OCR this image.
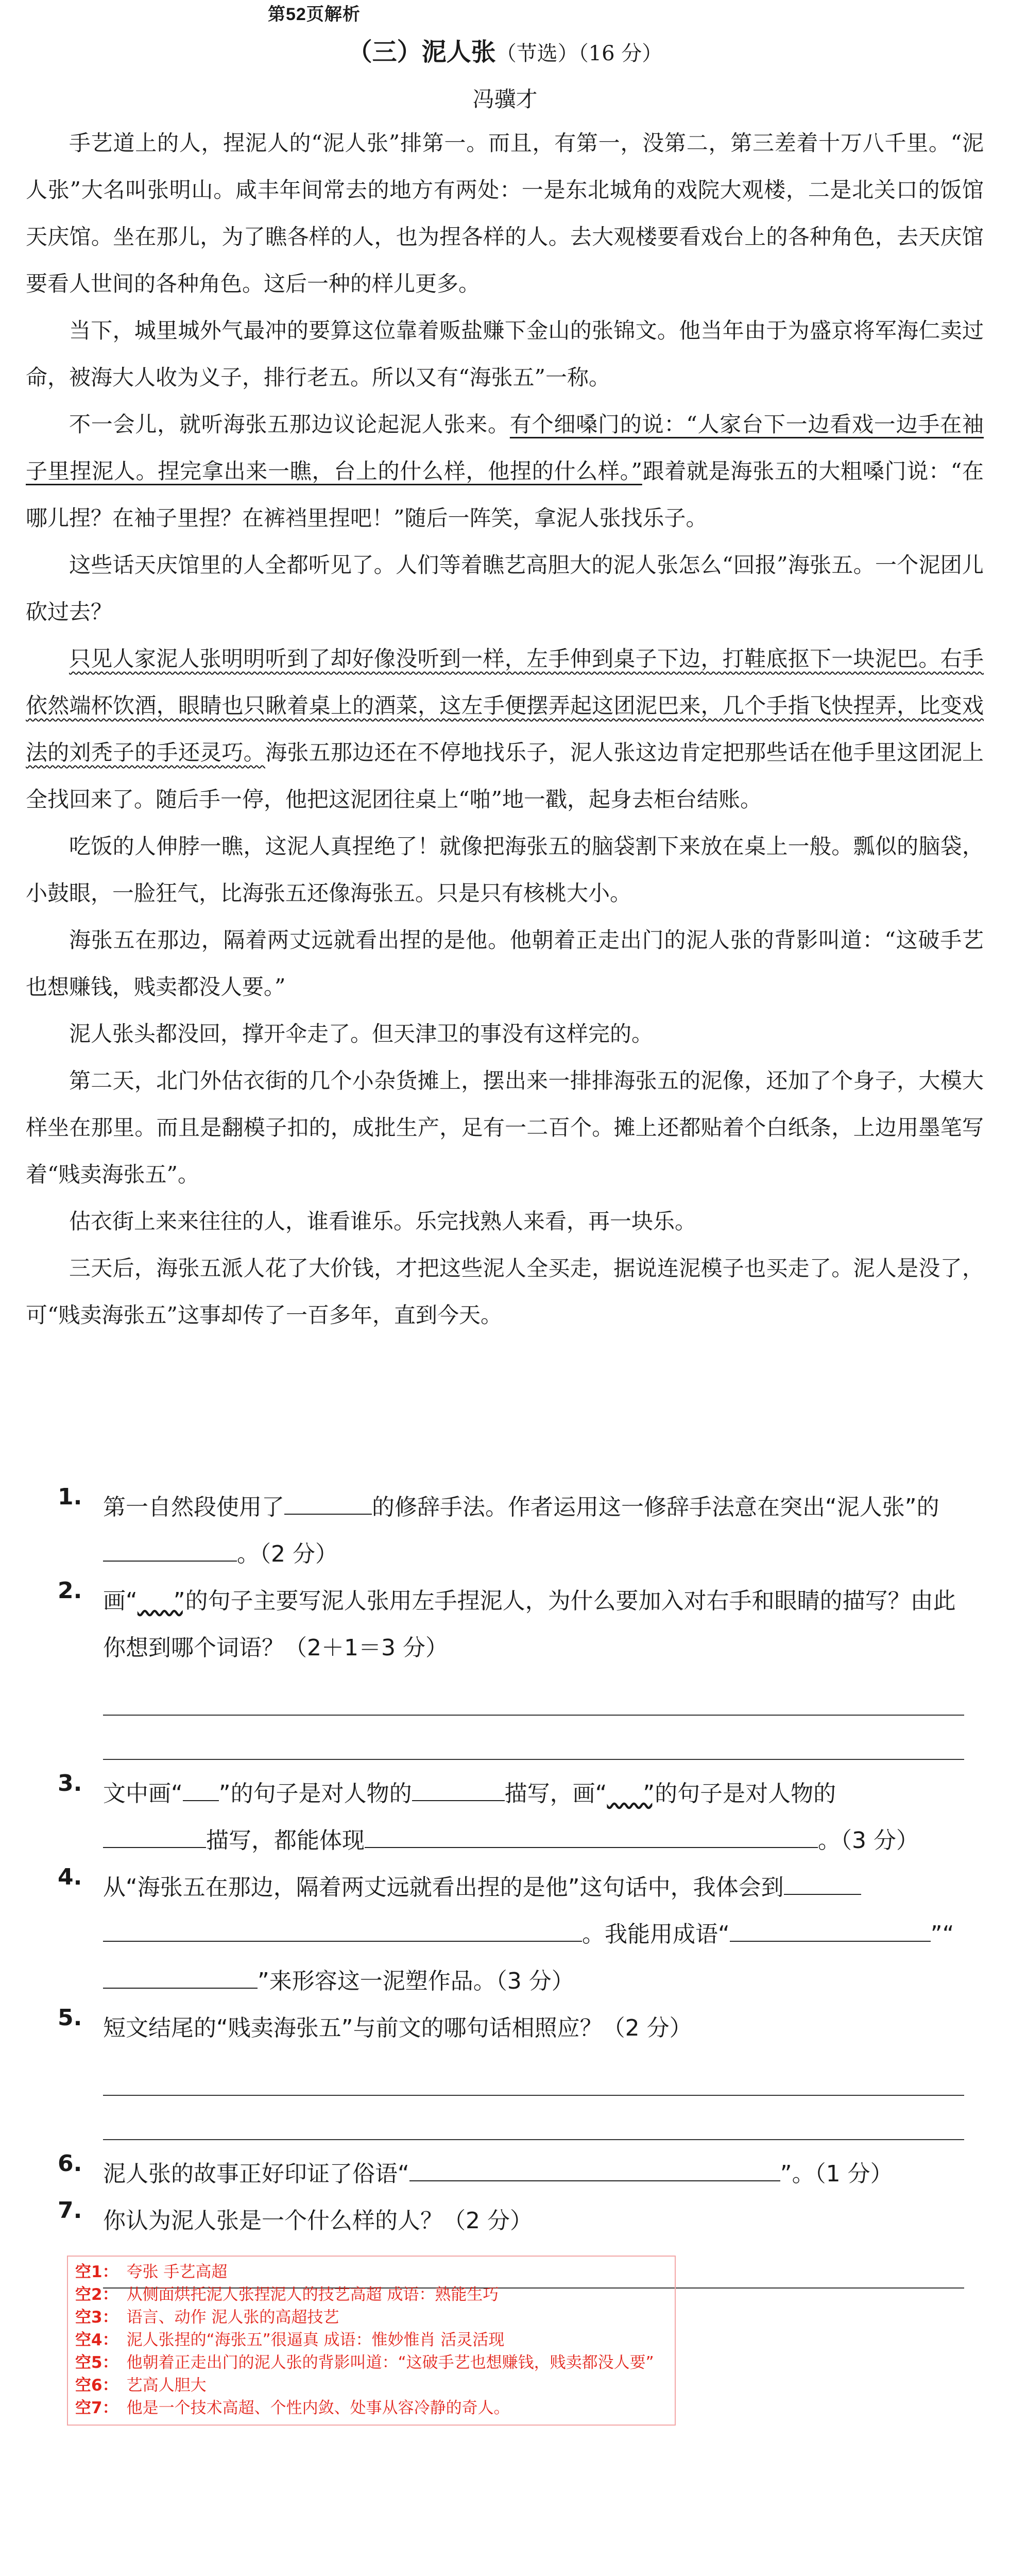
第52页解析
（三）泥人张（节选）（16 分）
冯骥才

手艺道上的人，捏泥人的“泥人张”排第一。而且，有第一，没第二，第三差着十万八千里。“泥人张”大名叫张明山。咸丰年间常去的地方有两处：一是东北城角的戏院大观楼，二是北关口的饭馆天庆馆。坐在那儿，为了瞧各样的人，也为捏各样的人。去大观楼要看戏台上的各种角色，去天庆馆要看人世间的各种角色。这后一种的样儿更多。

当下，城里城外气最冲的要算这位靠着贩盐赚下金山的张锦文。他当年由于为盛京将军海仁卖过命，被海大人收为义子，排行老五。所以又有“海张五”一称。

不一会儿，就听海张五那边议论起泥人张来。有个细嗓门的说：“人家台下一边看戏一边手在袖子里捏泥人。捏完拿出来一瞧，台上的什么样，他捏的什么样。”跟着就是海张五的大粗嗓门说：“在哪儿捏？在袖子里捏？在裤裆里捏吧！”随后一阵笑，拿泥人张找乐子。

这些话天庆馆里的人全都听见了。人们等着瞧艺高胆大的泥人张怎么“回报”海张五。一个泥团儿砍过去？

只见人家泥人张明明听到了却好像没听到一样，左手伸到桌子下边，打鞋底抠下一块泥巴。右手依然端杯饮酒，眼睛也只瞅着桌上的酒菜，这左手便摆弄起这团泥巴来，几个手指飞快捏弄，比变戏法的刘秃子的手还灵巧。海张五那边还在不停地找乐子，泥人张这边肯定把那些话在他手里这团泥上全找回来了。随后手一停，他把这泥团往桌上“啪”地一戳，起身去柜台结账。

吃饭的人伸脖一瞧，这泥人真捏绝了！就像把海张五的脑袋割下来放在桌上一般。瓢似的脑袋，小鼓眼，一脸狂气，比海张五还像海张五。只是只有核桃大小。

海张五在那边，隔着两丈远就看出捏的是他。他朝着正走出门的泥人张的背影叫道：“这破手艺也想赚钱，贱卖都没人要。”

泥人张头都没回，撑开伞走了。但天津卫的事没有这样完的。

第二天，北门外估衣街的几个小杂货摊上，摆出来一排排海张五的泥像，还加了个身子，大模大样坐在那里。而且是翻模子扣的，成批生产，足有一二百个。摊上还都贴着个白纸条，上边用墨笔写着“贱卖海张五”。

估衣街上来来往往的人，谁看谁乐。乐完找熟人来看，再一块乐。

三天后，海张五派人花了大价钱，才把这些泥人全买走，据说连泥模子也买走了。泥人是没了，可“贱卖海张五”这事却传了一百多年，直到今天。

1. 第一自然段使用了	的修辞手法。作者运用这一修辞手法意在突出“泥人张”的。（2 分）
2. 画“　　 ”的句子主要写泥人张用左手捏泥人，为什么要加入对右手和眼睛的描写？由此你想到哪个词语？（2＋1＝3 分）
3. 文中画“ ”的句子是对人物的	描写，画“　　 ”的句子是对人物的
描写，都能体现	。（3 分）
4. 从“海张五在那边，隔着两丈远就看出捏的是他”这句话中，我体会到
。我能用成语“	”“”来形容这一泥塑作品。（3 分）
5. 短文结尾的“贱卖海张五”与前文的哪句话相照应？（2 分）
6. 泥人张的故事正好印证了俗语“	”。（1 分）
7. 你认为泥人张是一个什么样的人？（2 分）
空1： 夸张 手艺高超
空2： 从侧面烘托泥人张捏泥人的技艺高超 成语：熟能生巧
空3： 语言、动作 泥人张的高超技艺
空4： 泥人张捏的“海张五”很逼真 成语：惟妙惟肖 活灵活现
空5： 他朝着正走出门的泥人张的背影叫道：“这破手艺也想赚钱，贱卖都没人要”
空6： 艺高人胆大
空7： 他是一个技术高超、个性内敛、处事从容冷静的奇人。
